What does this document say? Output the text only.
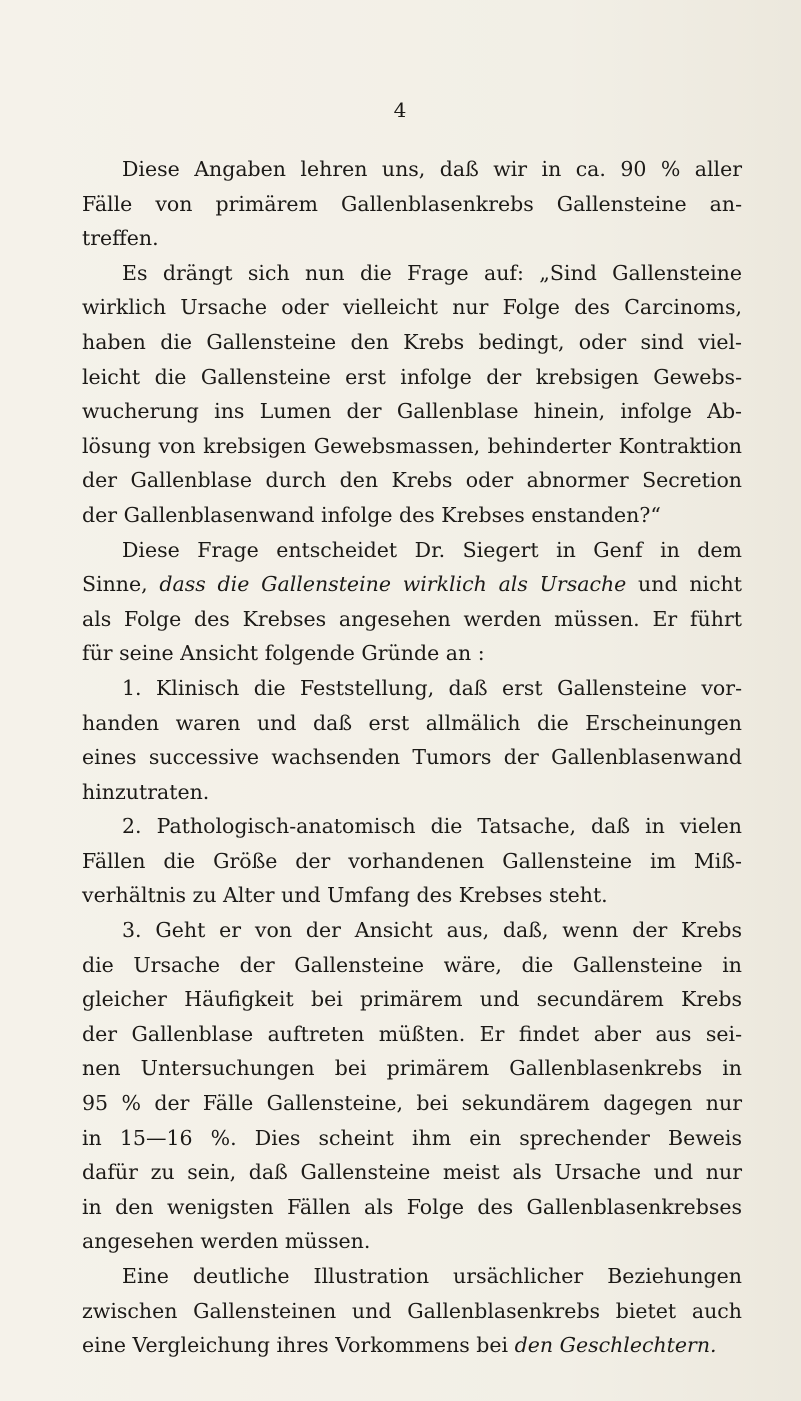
4
Diese Angaben lehren uns, daß wir in ca. 90 % aller
Fälle von primärem Gallenblasenkrebs Gallensteine an-
treffen.
Es drängt sich nun die Frage auf: „Sind Gallensteine
wirklich Ursache oder vielleicht nur Folge des Carcinoms,
haben die Gallensteine den Krebs bedingt, oder sind viel-
leicht die Gallensteine erst infolge der krebsigen Gewebs-
wucherung ins Lumen der Gallenblase hinein, infolge Ab-
lösung von krebsigen Gewebsmassen, behinderter Kontraktion
der Gallenblase durch den Krebs oder abnormer Secretion
der Gallenblasenwand infolge des Krebses enstanden?“
Diese Frage entscheidet Dr. Siegert in Genf in dem
Sinne, dass die Gallensteine wirklich als Ursache und nicht
als Folge des Krebses angesehen werden müssen. Er führt
für seine Ansicht folgende Gründe an :
1. Klinisch die Feststellung, daß erst Gallensteine vor-
handen waren und daß erst allmälich die Erscheinungen
eines successive wachsenden Tumors der Gallenblasenwand
hinzutraten.
2. Pathologisch-anatomisch die Tatsache, daß in vielen
Fällen die Größe der vorhandenen Gallensteine im Miß-
verhältnis zu Alter und Umfang des Krebses steht.
3. Geht er von der Ansicht aus, daß, wenn der Krebs
die Ursache der Gallensteine wäre, die Gallensteine in
gleicher Häufigkeit bei primärem und secundärem Krebs
der Gallenblase auftreten müßten. Er findet aber aus sei-
nen Untersuchungen bei primärem Gallenblasenkrebs in
95 % der Fälle Gallensteine, bei sekundärem dagegen nur
in 15—16 %. Dies scheint ihm ein sprechender Beweis
dafür zu sein, daß Gallensteine meist als Ursache und nur
in den wenigsten Fällen als Folge des Gallenblasenkrebses
angesehen werden müssen.
Eine deutliche Illustration ursächlicher Beziehungen
zwischen Gallensteinen und Gallenblasenkrebs bietet auch
eine Vergleichung ihres Vorkommens bei den Geschlechtern.
